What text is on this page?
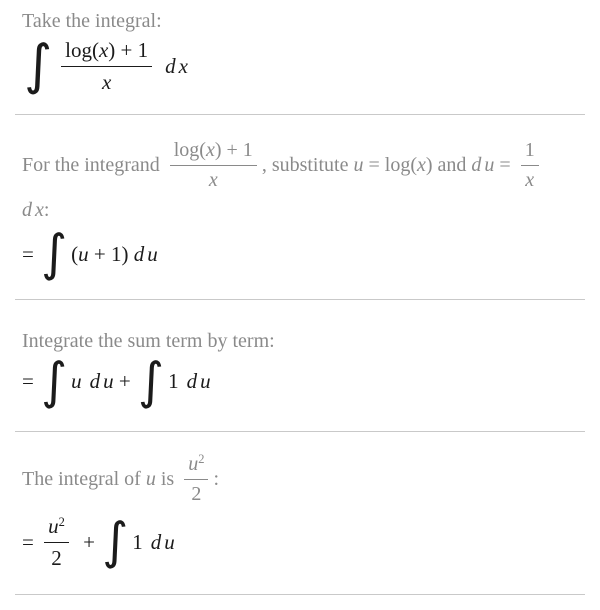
Take the integral:

∫ $\frac{\log(x) + 1}{x}$ d x
For the integrand $\frac{\log(x) + 1}{x}$ , substitute u = log( x ) and d $u = \frac{1}{x}$
d x :
= ∫ ( u + 1) d u

Integrate the sum term by term:

= ∫ u d u + ∫ 1 d u
The integral of u is $\frac{u^2}{2}$ :
= $\frac{u^2}{2}$ + ∫ 1 d u
